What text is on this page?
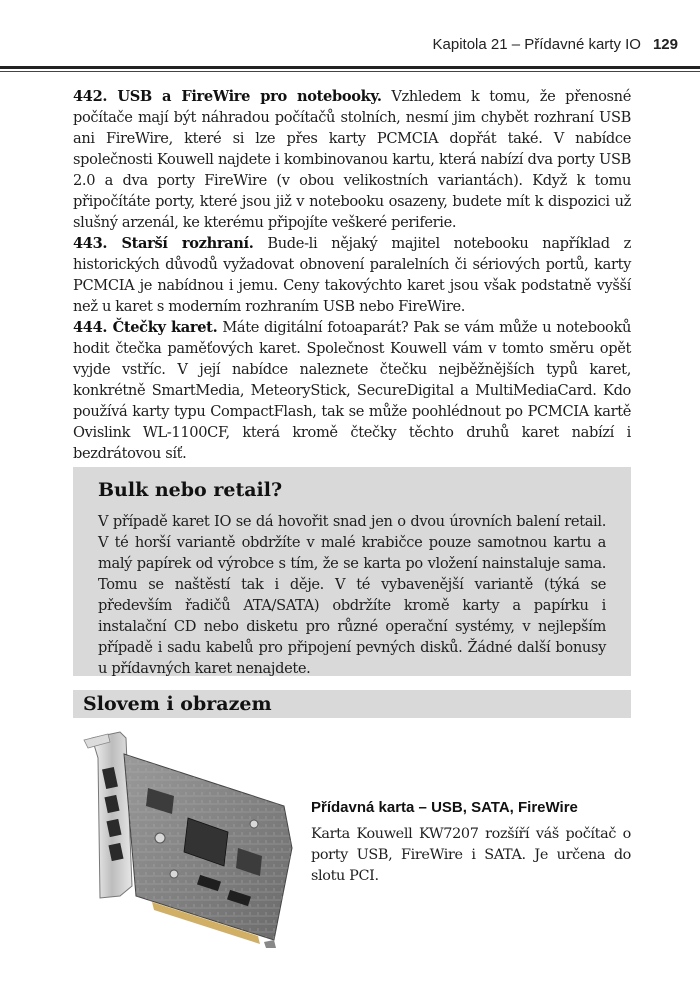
Kapitola 21 – Přídavné karty IO 129

442. USB a FireWire pro notebooky. Vzhledem k tomu, že přenosné počítače mají být náhradou počítačů stolních, nesmí jim chybět rozhraní USB ani FireWire, které si lze přes karty PCMCIA dopřát také. V nabídce společnosti Kouwell najdete i kombinovanou kartu, která nabízí dva porty USB 2.0 a dva porty FireWire (v obou velikostních variantách). Když k tomu připočítáte porty, které jsou již v notebooku osazeny, budete mít k dispozici už slušný arzenál, ke kterému připojíte veškeré periferie.

443. Starší rozhraní. Bude-li nějaký majitel notebooku například z historických důvodů vyžadovat obnovení paralelních či sériových portů, karty PCMCIA je nabídnou i jemu. Ceny takovýchto karet jsou však podstatně vyšší než u karet s moderním rozhraním USB nebo FireWire.

444. Čtečky karet. Máte digitální fotoaparát? Pak se vám může u notebooků hodit čtečka paměťových karet. Společnost Kouwell vám v tomto směru opět vyjde vstříc. V její nabídce naleznete čtečku nejběžnějších typů karet, konkrétně SmartMedia, MeteoryStick, SecureDigital a MultiMediaCard. Kdo používá karty typu CompactFlash, tak se může poohlédnout po PCMCIA kartě Ovislink WL-1100CF, která kromě čtečky těchto druhů karet nabízí i bezdrátovou síť.

Bulk nebo retail?

V případě karet IO se dá hovořit snad jen o dvou úrovních balení retail. V té horší variantě obdržíte v malé krabičce pouze samotnou kartu a malý papírek od výrobce s tím, že se karta po vložení nainstaluje sama. Tomu se naštěstí tak i děje. V té vybavenější variantě (týká se především řadičů ATA/SATA) obdržíte kromě karty a papírku i instalační CD nebo disketu pro různé operační systémy, v nejlepším případě i sadu kabelů pro připojení pevných disků. Žádné další bonusy u přídavných karet nenajdete.

Slovem i obrazem
Přídavná karta – USB, SATA, FireWire

Karta Kouwell KW7207 rozšíří váš počítač o porty USB, FireWire i SATA. Je určena do slotu PCI.
